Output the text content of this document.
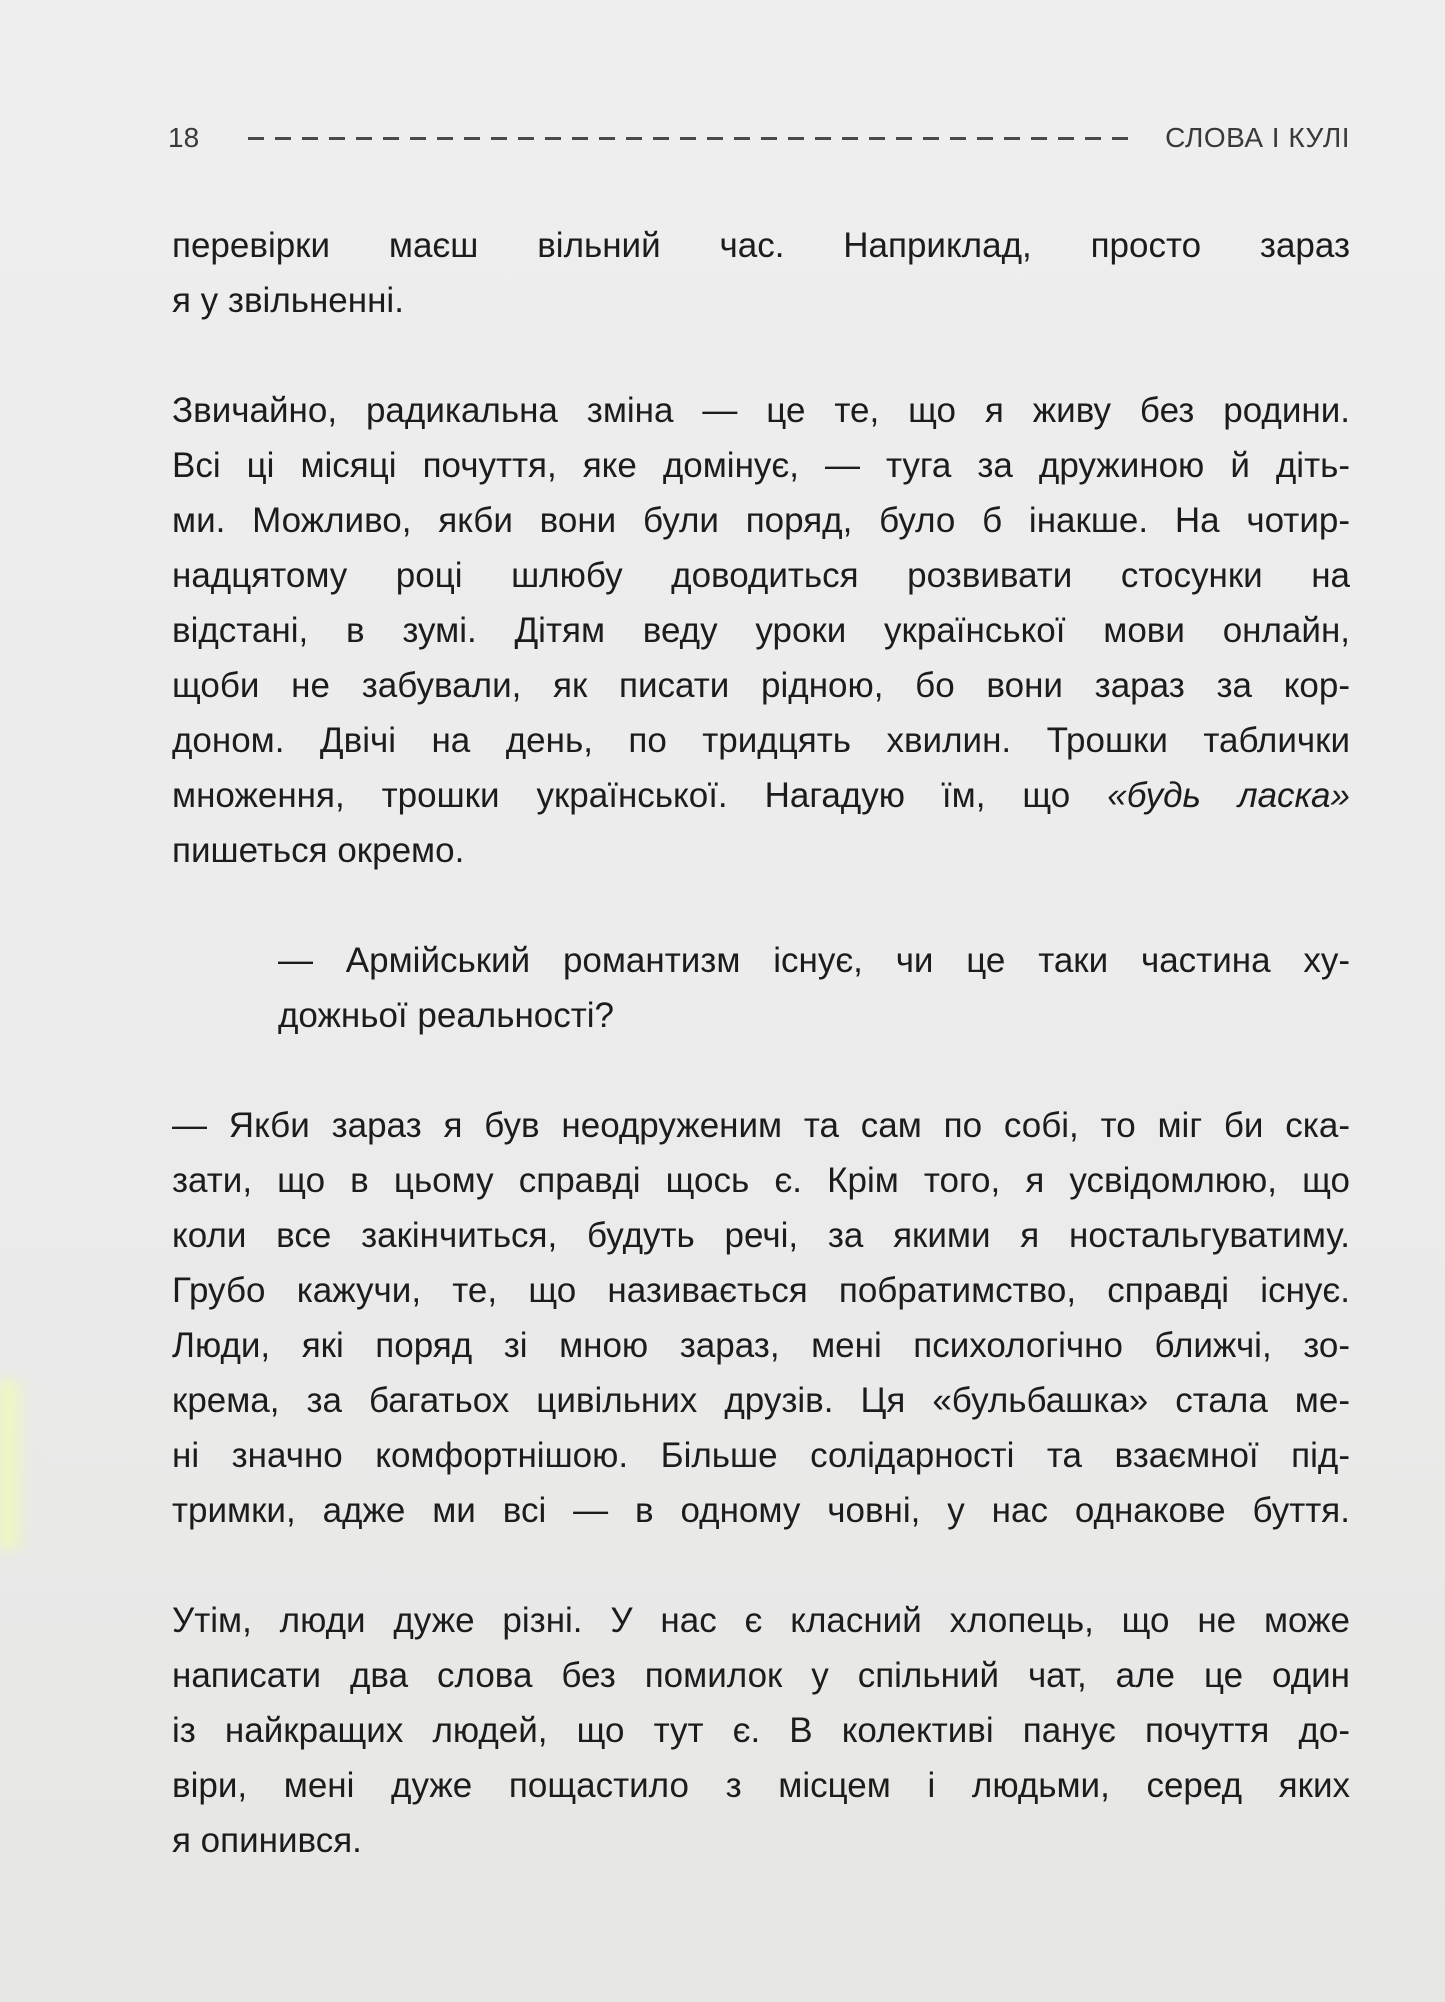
18	СЛОВА І КУЛІ

перевірки маєш вільний час. Наприклад, просто зараз
я у звільненні.

Звичайно, радикальна зміна — це те, що я живу без родини.
Всі ці місяці почуття, яке домінує, — туга за дружиною й діть-
ми. Можливо, якби вони були поряд, було б інакше. На чотир-
надцятому році шлюбу доводиться розвивати стосунки на
відстані, в зумі. Дітям веду уроки української мови онлайн,
щоби не забували, як писати рідною, бо вони зараз за кор-
доном. Двічі на день, по тридцять хвилин. Трошки таблички
множення, трошки української. Нагадую їм, що «будь ласка»
пишеться окремо.

— Армійський романтизм існує, чи це таки частина ху-
дожньої реальності?

— Якби зараз я був неодруженим та сам по собі, то міг би ска-
зати, що в цьому справді щось є. Крім того, я усвідомлюю, що
коли все закінчиться, будуть речі, за якими я ностальгуватиму.
Грубо кажучи, те, що називається побратимство, справді існує.
Люди, які поряд зі мною зараз, мені психологічно ближчі, зо-
крема, за багатьох цивільних друзів. Ця «бульбашка» стала ме-
ні значно комфортнішою. Більше солідарності та взаємної під-
тримки, адже ми всі — в одному човні, у нас однакове буття.

Утім, люди дуже різні. У нас є класний хлопець, що не може
написати два слова без помилок у спільний чат, але це один
із найкращих людей, що тут є. В колективі панує почуття до-
віри, мені дуже пощастило з місцем і людьми, серед яких
я опинився.
